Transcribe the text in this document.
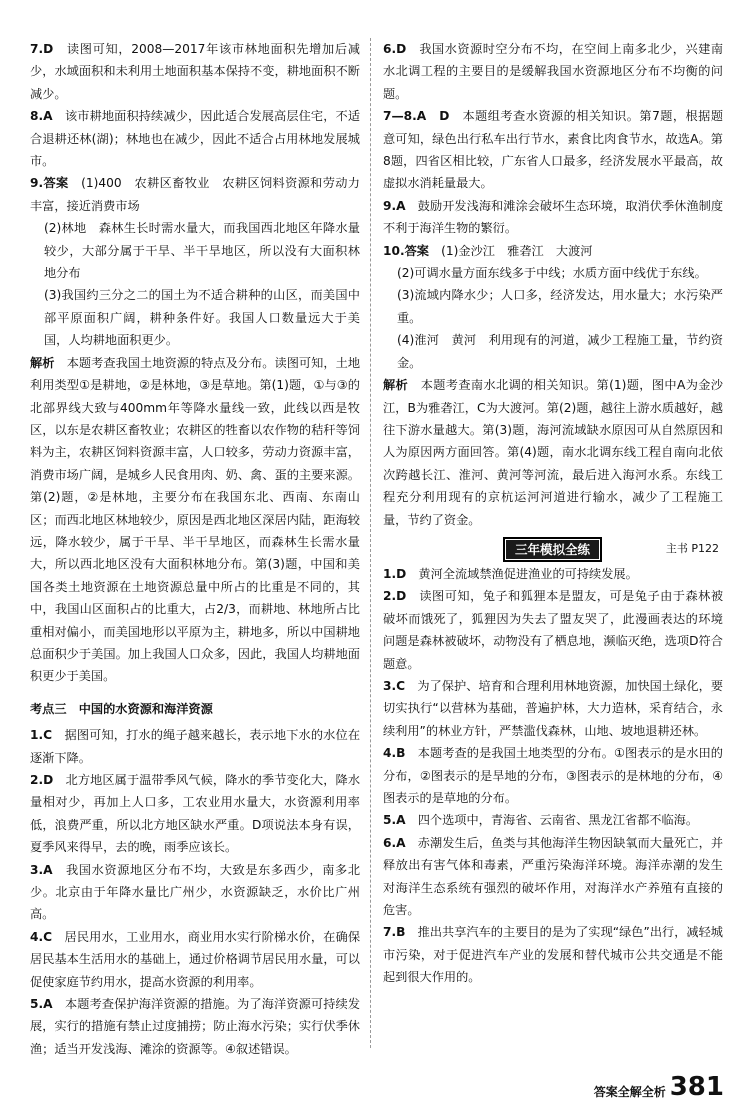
7.D　 读图可知，2008—2017年该市林地面积先增加后减少，水域面积和未利用土地面积基本保持不变，耕地面积不断减少。

8.A　 该市耕地面积持续减少，因此适合发展高层住宅，不适合退耕还林(湖)；林地也在减少，因此不适合占用林地发展城市。

9.答案　 (1)400　农耕区畜牧业　农耕区饲料资源和劳动力丰富，接近消费市场

(2)林地　森林生长时需水量大，而我国西北地区年降水量较少，大部分属于干旱、半干旱地区，所以没有大面积林地分布

(3)我国约三分之二的国土为不适合耕种的山区，而美国中部平原面积广阔，耕种条件好。我国人口数量远大于美国，人均耕地面积更少。

解析　 本题考查我国土地资源的特点及分布。读图可知，土地利用类型①是耕地，②是林地，③是草地。第(1)题，①与③的北部界线大致与400mm年等降水量线一致，此线以西是牧区，以东是农耕区畜牧业；农耕区的牲畜以农作物的秸秆等饲料为主，农耕区饲料资源丰富，人口较多，劳动力资源丰富，消费市场广阔，是城乡人民食用肉、奶、禽、蛋的主要来源。第(2)题，②是林地，主要分布在我国东北、西南、东南山区；而西北地区林地较少，原因是西北地区深居内陆，距海较远，降水较少，属于干旱、半干旱地区，而森林生长需水量大，所以西北地区没有大面积林地分布。第(3)题，中国和美国各类土地资源在土地资源总量中所占的比重是不同的，其中，我国山区面积占的比重大，占2/3，而耕地、林地所占比重相对偏小，而美国地形以平原为主，耕地多，所以中国耕地总面积少于美国。加上我国人口众多，因此，我国人均耕地面积更少于美国。

考点三　中国的水资源和海洋资源

1.C　 据图可知，打水的绳子越来越长，表示地下水的水位在逐渐下降。

2.D　 北方地区属于温带季风气候，降水的季节变化大，降水量相对少，再加上人口多，工农业用水量大，水资源利用率低，浪费严重，所以北方地区缺水严重。D项说法本身有误，夏季风来得早，去的晚，雨季应该长。

3.A　 我国水资源地区分布不均，大致是东多西少，南多北少。北京由于年降水量比广州少，水资源缺乏，水价比广州高。

4.C　 居民用水，工业用水，商业用水实行阶梯水价，在确保居民基本生活用水的基础上，通过价格调节居民用水量，可以促使家庭节约用水，提高水资源的利用率。

5.A　 本题考查保护海洋资源的措施。为了海洋资源可持续发展，实行的措施有禁止过度捕捞；防止海水污染；实行伏季休渔；适当开发浅海、滩涂的资源等。④叙述错误。

6.D　 我国水资源时空分布不均，在空间上南多北少，兴建南水北调工程的主要目的是缓解我国水资源地区分布不均衡的问题。

7—8.A　D　 本题组考查水资源的相关知识。第7题，根据题意可知，绿色出行私车出行节水，素食比肉食节水，故选A。第8题，四省区相比较，广东省人口最多，经济发展水平最高，故虚拟水消耗量最大。

9.A　 鼓励开发浅海和滩涂会破坏生态环境，取消伏季休渔制度不利于海洋生物的繁衍。

10.答案　 (1)金沙江　雅砻江　大渡河

(2)可调水量方面东线多于中线；水质方面中线优于东线。

(3)流域内降水少；人口多，经济发达，用水量大；水污染严重。

(4)淮河　黄河　利用现有的河道，减少工程施工量，节约资金。

解析　 本题考查南水北调的相关知识。第(1)题，图中A为金沙江，B为雅砻江，C为大渡河。第(2)题，越往上游水质越好，越往下游水量越大。第(3)题，海河流域缺水原因可从自然原因和人为原因两方面回答。第(4)题，南水北调东线工程自南向北依次跨越长江、淮河、黄河等河流，最后进入海河水系。东线工程充分利用现有的京杭运河河道进行输水，减少了工程施工量，节约了资金。

三年模拟全练	主书 P122

1.D　 黄河全流域禁渔促进渔业的可持续发展。

2.D　 读图可知，兔子和狐狸本是盟友，可是兔子由于森林被破坏而饿死了，狐狸因为失去了盟友哭了，此漫画表达的环境问题是森林被破坏，动物没有了栖息地，濒临灭绝，选项D符合题意。

3.C　 为了保护、培育和合理利用林地资源，加快国土绿化，要切实执行“以营林为基础，普遍护林，大力造林，采育结合，永续利用”的林业方针，严禁滥伐森林，山地、坡地退耕还林。

4.B　 本题考查的是我国土地类型的分布。①图表示的是水田的分布，②图表示的是旱地的分布，③图表示的是林地的分布，④图表示的是草地的分布。

5.A　 四个选项中，青海省、云南省、黑龙江省都不临海。

6.A　 赤潮发生后，鱼类与其他海洋生物因缺氧而大量死亡，并释放出有害气体和毒素，严重污染海洋环境。海洋赤潮的发生对海洋生态系统有强烈的破坏作用，对海洋水产养殖有直接的危害。

7.B　 推出共享汽车的主要目的是为了实现“绿色”出行，减轻城市污染，对于促进汽车产业的发展和替代城市公共交通是不能起到很大作用的。

答案全解全析 381
